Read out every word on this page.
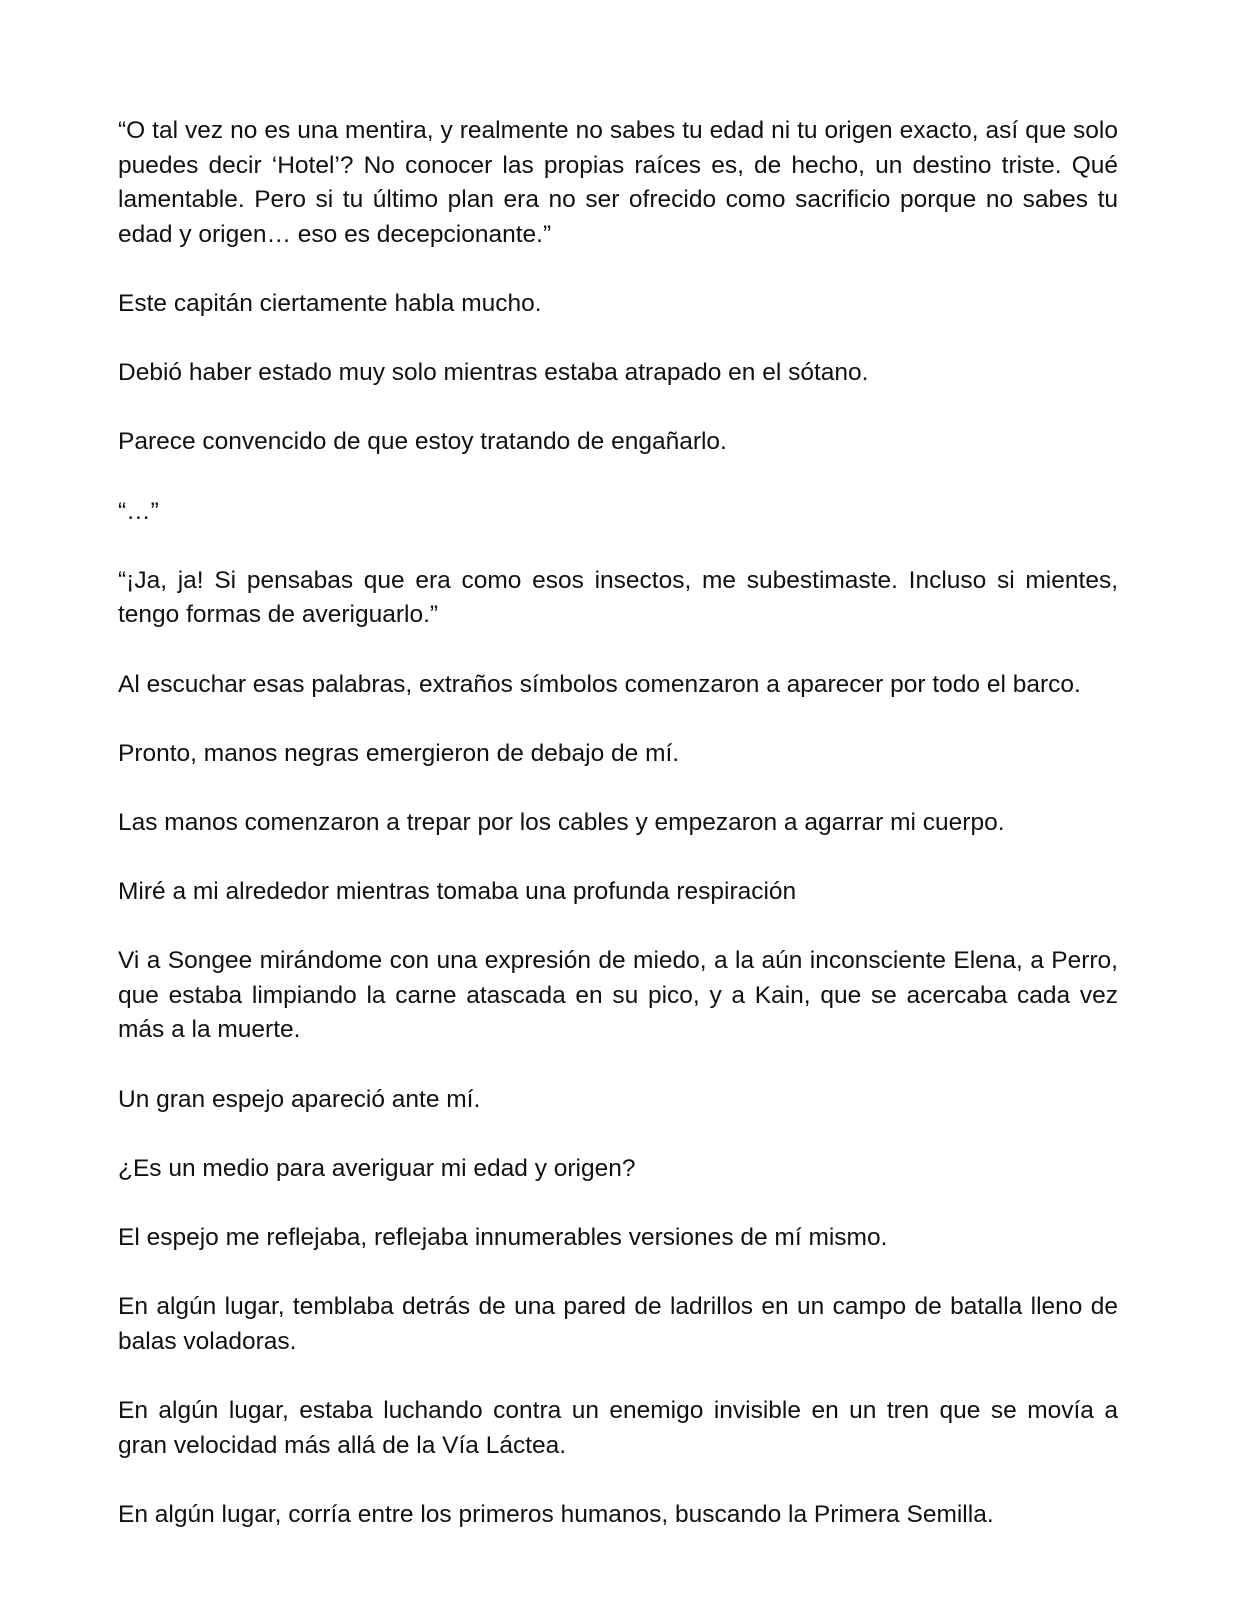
“O tal vez no es una mentira, y realmente no sabes tu edad ni tu origen exacto, así que solo puedes decir ‘Hotel’? No conocer las propias raíces es, de hecho, un destino triste. Qué lamentable. Pero si tu último plan era no ser ofrecido como sacrificio porque no sabes tu edad y origen… eso es decepcionante.”

Este capitán ciertamente habla mucho.

Debió haber estado muy solo mientras estaba atrapado en el sótano.

Parece convencido de que estoy tratando de engañarlo.

“…”

“¡Ja, ja! Si pensabas que era como esos insectos, me subestimaste. Incluso si mientes, tengo formas de averiguarlo.”

Al escuchar esas palabras, extraños símbolos comenzaron a aparecer por todo el barco.

Pronto, manos negras emergieron de debajo de mí.

Las manos comenzaron a trepar por los cables y empezaron a agarrar mi cuerpo.

Miré a mi alrededor mientras tomaba una profunda respiración

Vi a Songee mirándome con una expresión de miedo, a la aún inconsciente Elena, a Perro, que estaba limpiando la carne atascada en su pico, y a Kain, que se acercaba cada vez más a la muerte.

Un gran espejo apareció ante mí.

¿Es un medio para averiguar mi edad y origen?

El espejo me reflejaba, reflejaba innumerables versiones de mí mismo.

En algún lugar, temblaba detrás de una pared de ladrillos en un campo de batalla lleno de balas voladoras.

En algún lugar, estaba luchando contra un enemigo invisible en un tren que se movía a gran velocidad más allá de la Vía Láctea.

En algún lugar, corría entre los primeros humanos, buscando la Primera Semilla.
